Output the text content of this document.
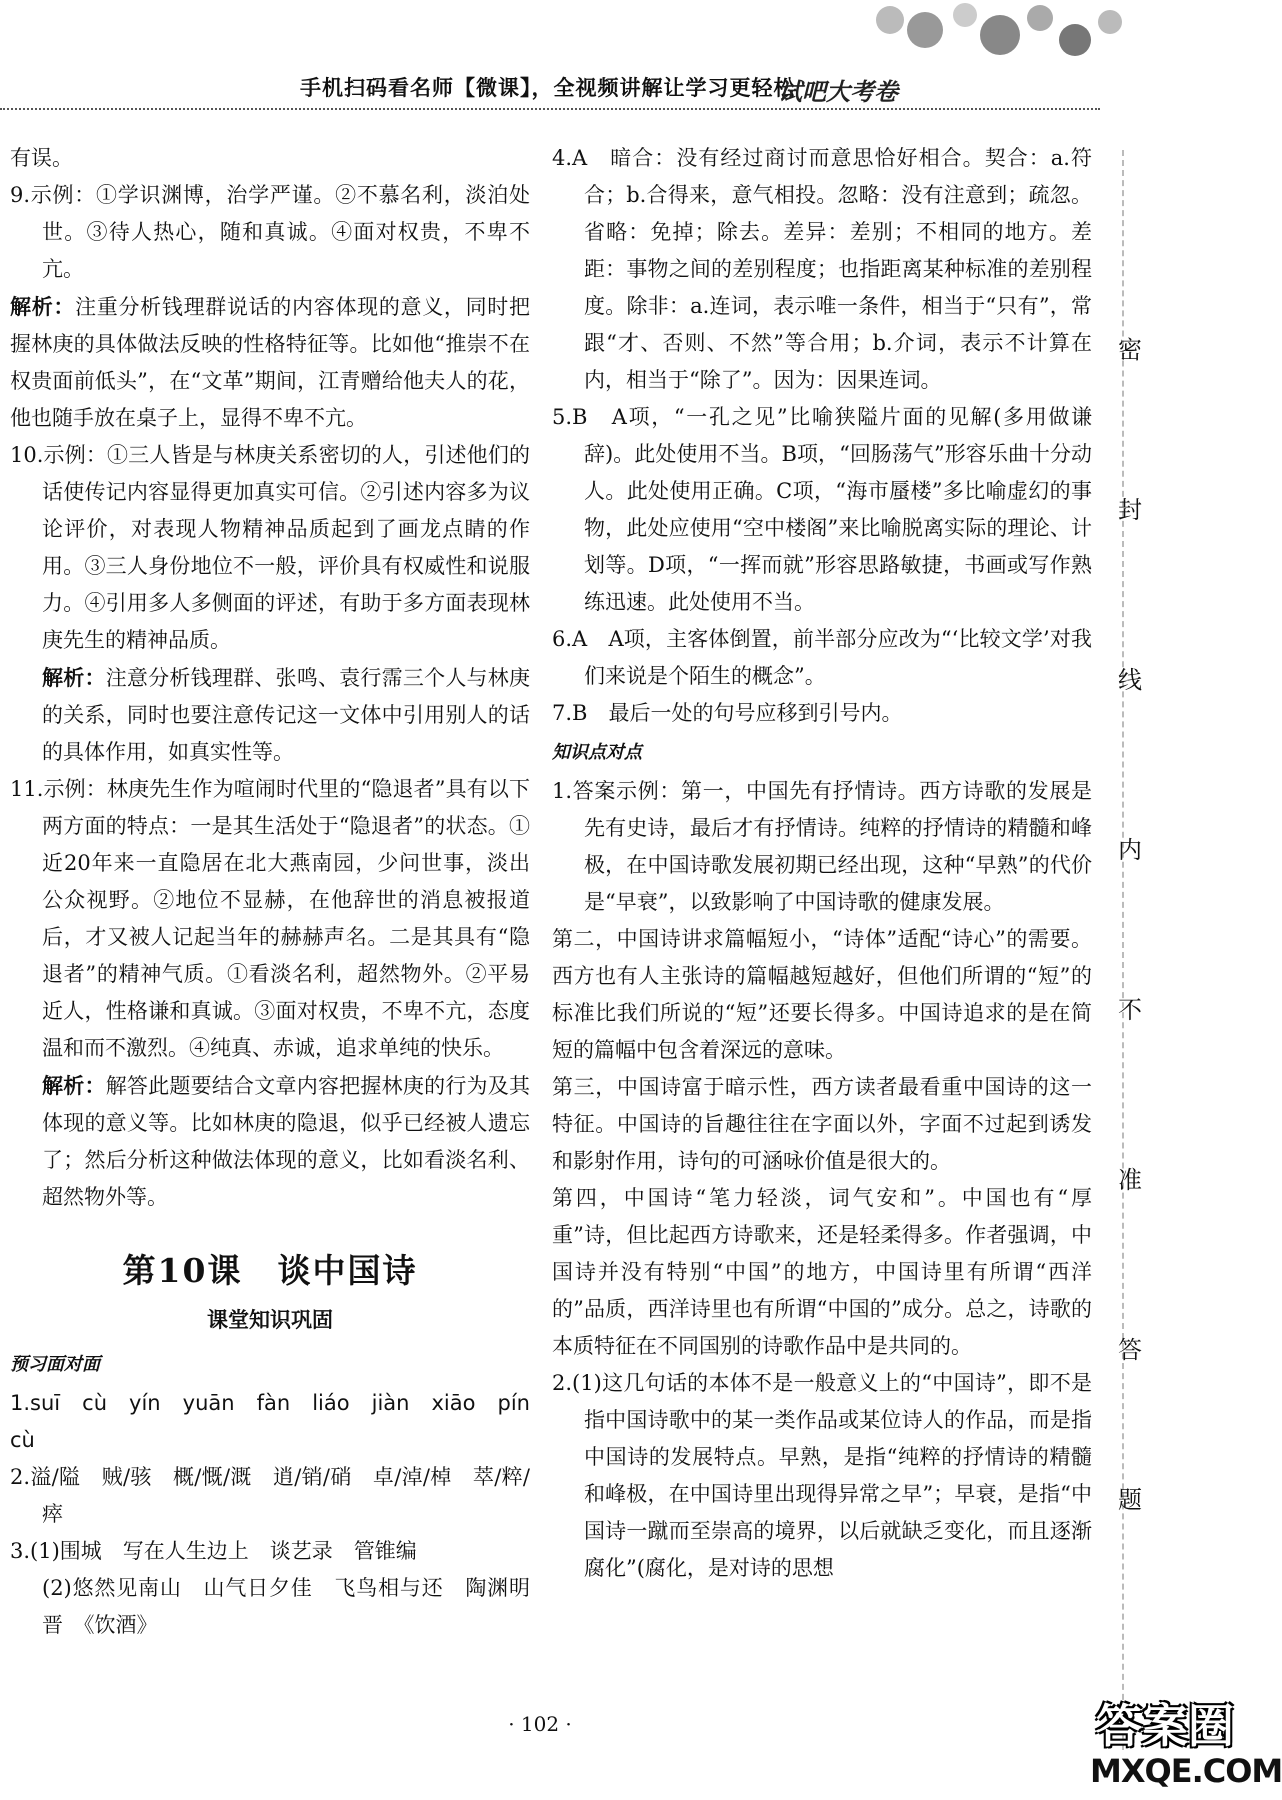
手机扫码看名师【微课】，全视频讲解让学习更轻松
试吧大考卷

有误。

9.示例：①学识渊博，治学严谨。②不慕名利，淡泊处世。③待人热心，随和真诚。④面对权贵，不卑不亢。

解析：注重分析钱理群说话的内容体现的意义，同时把握林庚的具体做法反映的性格特征等。比如他“推崇不在权贵面前低头”，在“文革”期间，江青赠给他夫人的花，他也随手放在桌子上，显得不卑不亢。

10.示例：①三人皆是与林庚关系密切的人，引述他们的话使传记内容显得更加真实可信。②引述内容多为议论评价，对表现人物精神品质起到了画龙点睛的作用。③三人身份地位不一般，评价具有权威性和说服力。④引用多人多侧面的评述，有助于多方面表现林庚先生的精神品质。

解析：注意分析钱理群、张鸣、袁行霈三个人与林庚的关系，同时也要注意传记这一文体中引用别人的话的具体作用，如真实性等。

11.示例：林庚先生作为喧闹时代里的“隐退者”具有以下两方面的特点：一是其生活处于“隐退者”的状态。①近20年来一直隐居在北大燕南园，少问世事，淡出公众视野。②地位不显赫，在他辞世的消息被报道后，才又被人记起当年的赫赫声名。二是其具有“隐退者”的精神气质。①看淡名利，超然物外。②平易近人，性格谦和真诚。③面对权贵，不卑不亢，态度温和而不激烈。④纯真、赤诚，追求单纯的快乐。

解析：解答此题要结合文章内容把握林庚的行为及其体现的意义等。比如林庚的隐退，似乎已经被人遗忘了；然后分析这种做法体现的意义，比如看淡名利、超然物外等。

第10课　谈中国诗
课堂知识巩固
预习面对面

1.suī　cù　yín　yuān　fàn　liáo　jiàn　xiāo　pín　cù

2.溢/隘　贼/骇　概/慨/溉　逍/销/硝　卓/淖/棹　萃/粹/瘁

3.(1)围城　写在人生边上　谈艺录　管锥编

(2)悠然见南山　山气日夕佳　飞鸟相与还　陶渊明　晋　《饮酒》

4.A　暗合：没有经过商讨而意思恰好相合。契合：a.符合；b.合得来，意气相投。忽略：没有注意到；疏忽。省略：免掉；除去。差异：差别；不相同的地方。差距：事物之间的差别程度；也指距离某种标准的差别程度。除非：a.连词，表示唯一条件，相当于“只有”，常跟“才、否则、不然”等合用；b.介词，表示不计算在内，相当于“除了”。因为：因果连词。

5.B　A项，“一孔之见”比喻狭隘片面的见解(多用做谦辞)。此处使用不当。B项，“回肠荡气”形容乐曲十分动人。此处使用正确。C项，“海市蜃楼”多比喻虚幻的事物，此处应使用“空中楼阁”来比喻脱离实际的理论、计划等。D项，“一挥而就”形容思路敏捷，书画或写作熟练迅速。此处使用不当。

6.A　A项，主客体倒置，前半部分应改为“‘比较文学’对我们来说是个陌生的概念”。

7.B　最后一处的句号应移到引号内。

知识点对点

1.答案示例：第一，中国先有抒情诗。西方诗歌的发展是先有史诗，最后才有抒情诗。纯粹的抒情诗的精髓和峰极，在中国诗歌发展初期已经出现，这种“早熟”的代价是“早衰”，以致影响了中国诗歌的健康发展。

第二，中国诗讲求篇幅短小，“诗体”适配“诗心”的需要。西方也有人主张诗的篇幅越短越好，但他们所谓的“短”的标准比我们所说的“短”还要长得多。中国诗追求的是在简短的篇幅中包含着深远的意味。

第三，中国诗富于暗示性，西方读者最看重中国诗的这一特征。中国诗的旨趣往往在字面以外，字面不过起到诱发和影射作用，诗句的可涵咏价值是很大的。

第四，中国诗“笔力轻淡，词气安和”。中国也有“厚重”诗，但比起西方诗歌来，还是轻柔得多。作者强调，中国诗并没有特别“中国”的地方，中国诗里有所谓“西洋的”品质，西洋诗里也有所谓“中国的”成分。总之，诗歌的本质特征在不同国别的诗歌作品中是共同的。

2.(1)这几句话的本体不是一般意义上的“中国诗”，即不是指中国诗歌中的某一类作品或某位诗人的作品，而是指中国诗的发展特点。早熟，是指“纯粹的抒情诗的精髓和峰极，在中国诗里出现得异常之早”；早衰，是指“中国诗一蹴而至崇高的境界，以后就缺乏变化，而且逐渐腐化”(腐化，是对诗的思想

密
封
线
内
不
准
答
题
· 102 ·	答案圈
MXQE.COM
